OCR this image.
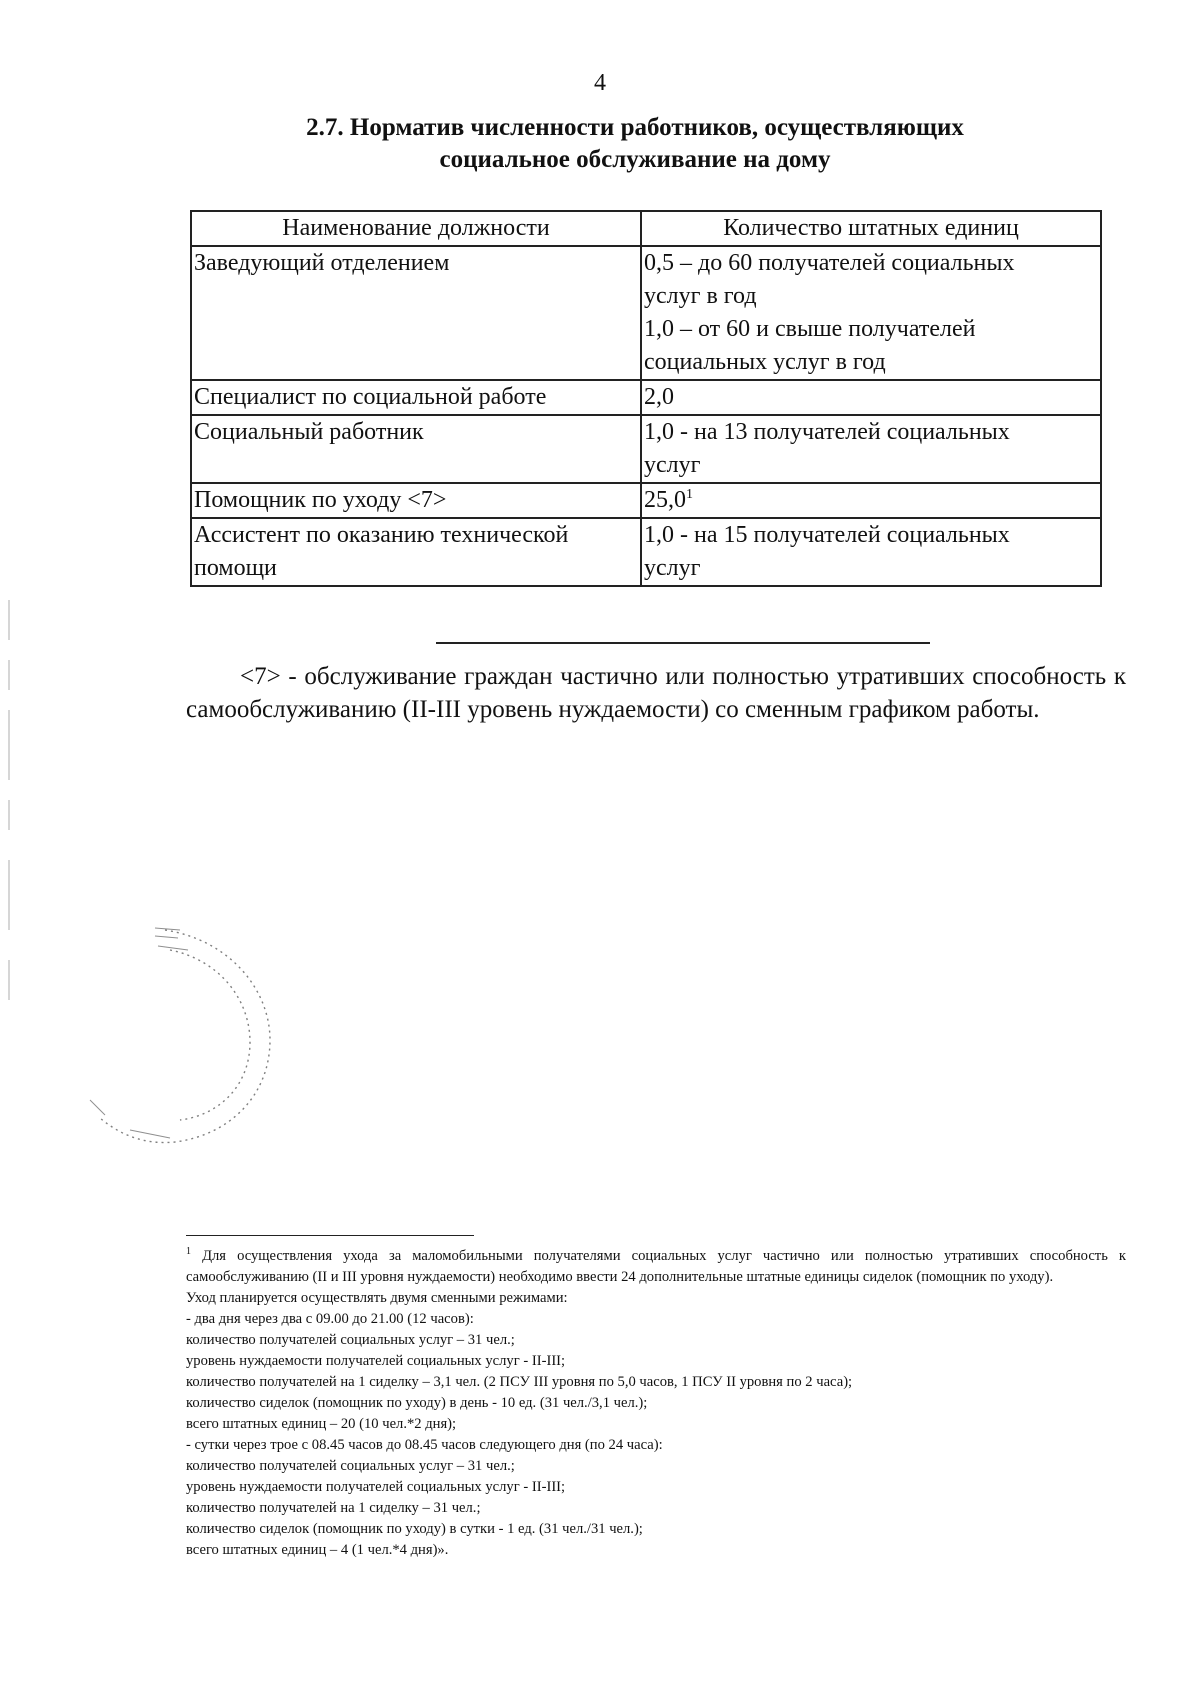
4
2.7. Норматив численности работников, осуществляющих
социальное обслуживание на дому
Наименование должности	Количество штатных единиц
Заведующий отделением	0,5 – до 60 получателей социальных
услуг в год
1,0 – от 60 и свыше получателей
социальных услуг в год

Специалист по социальной работе	2,0
Социальный работник	1,0 - на 13 получателей социальных
услуг

Помощник по уходу <7>	$25,0^1$

Ассистент по оказанию технической
помощи	1,0 - на 15 получателей социальных
услуг

<7> - обслуживание граждан частично или полностью утративших способность к самообслуживанию (II-III уровень нуждаемости) со сменным графиком работы.

$^1$ Для осуществления ухода за маломобильными получателями социальных услуг частично или полностью утративших способность к самообслуживанию (II и III уровня нуждаемости) необходимо ввести 24 дополнительные штатные единицы сиделок (помощник по уходу).
Уход планируется осуществлять двумя сменными режимами:
- два дня через два с 09.00 до 21.00 (12 часов):
количество получателей социальных услуг – 31 чел.;
уровень нуждаемости получателей социальных услуг - II-III;
количество получателей на 1 сиделку – 3,1 чел. (2 ПСУ III уровня по 5,0 часов, 1 ПСУ II уровня по 2 часа);
количество сиделок (помощник по уходу) в день - 10 ед. (31 чел./3,1 чел.);
всего штатных единиц – 20 (10 чел.*2 дня);
- сутки через трое с 08.45 часов до 08.45 часов следующего дня (по 24 часа):
количество получателей социальных услуг – 31 чел.;
уровень нуждаемости получателей социальных услуг - II-III;
количество получателей на 1 сиделку – 31 чел.;
количество сиделок (помощник по уходу) в сутки - 1 ед. (31 чел./31 чел.);
всего штатных единиц – 4 (1 чел.*4 дня)».
